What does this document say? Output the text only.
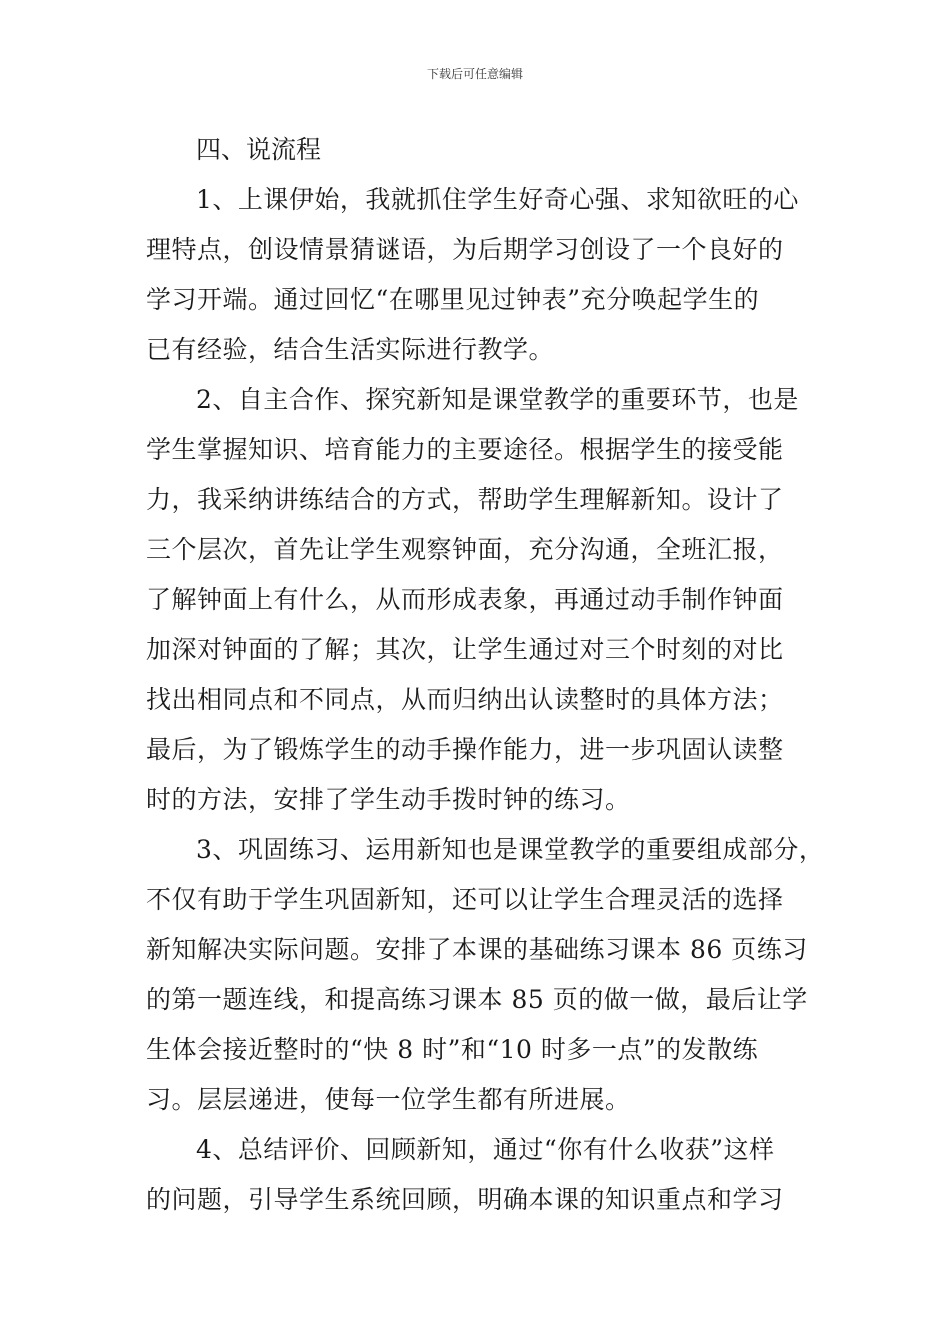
下载后可任意编辑
四、说流程

1、上课伊始，我就抓住学生好奇心强、求知欲旺的心
理特点，创设情景猜谜语，为后期学习创设了一个良好的
学习开端。通过回忆“在哪里见过钟表”充分唤起学生的
已有经验，结合生活实际进行教学。

2、自主合作、探究新知是课堂教学的重要环节，也是
学生掌握知识、培育能力的主要途径。根据学生的接受能
力，我采纳讲练结合的方式，帮助学生理解新知。设计了
三个层次，首先让学生观察钟面，充分沟通，全班汇报，
了解钟面上有什么，从而形成表象，再通过动手制作钟面
加深对钟面的了解；其次，让学生通过对三个时刻的对比
找出相同点和不同点，从而归纳出认读整时的具体方法；
最后，为了锻炼学生的动手操作能力，进一步巩固认读整
时的方法，安排了学生动手拨时钟的练习。

3、巩固练习、运用新知也是课堂教学的重要组成部分，
不仅有助于学生巩固新知，还可以让学生合理灵活的选择
新知解决实际问题。安排了本课的基础练习课本 86 页练习
的第一题连线，和提高练习课本 85 页的做一做，最后让学
生体会接近整时的“快 8 时”和“10 时多一点”的发散练
习。层层递进，使每一位学生都有所进展。

4、总结评价、回顾新知，通过“你有什么收获”这样
的问题，引导学生系统回顾，明确本课的知识重点和学习
